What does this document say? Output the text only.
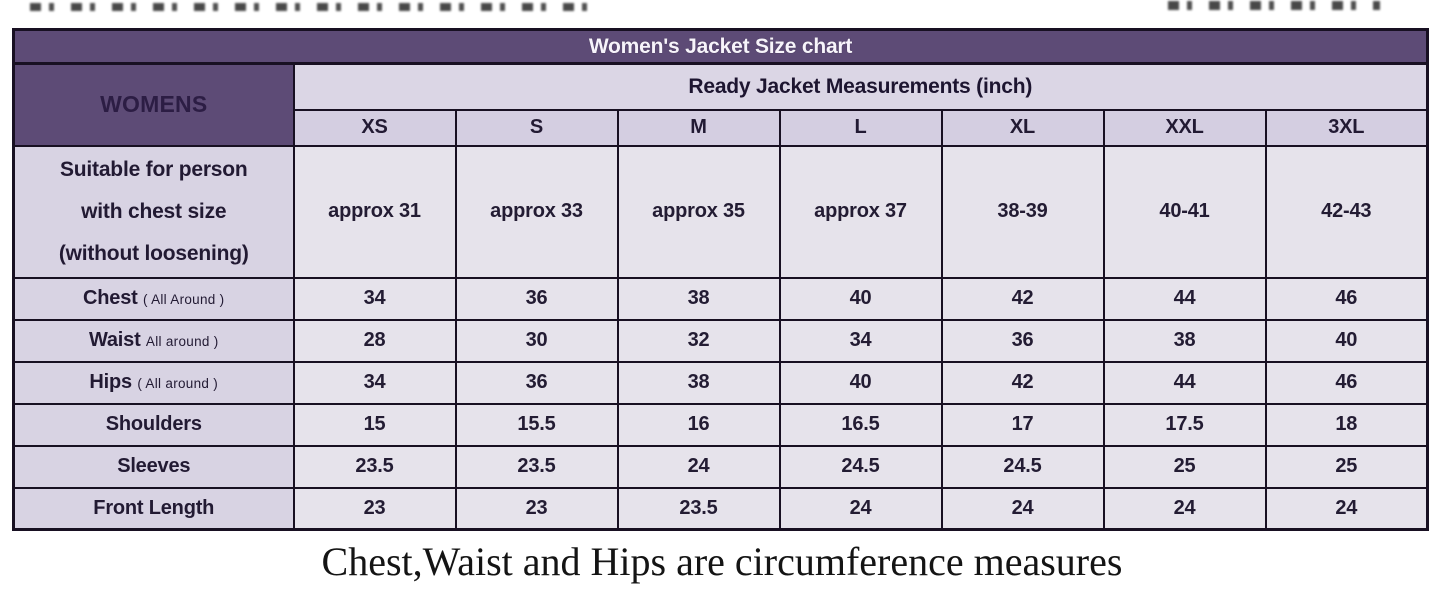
Women's Jacket Size chart							
WOMENS	Ready Jacket Measurements (inch)						
	XS	S	M	L	XL	XXL	3XL

Suitable for person
with chest size
(without loosening)	approx 31	approx 33	approx 35	approx 37	38-39	40-41	42-43
Chest ( All Around )	34	36	38	40	42	44	46
Waist All around )	28	30	32	34	36	38	40
Hips ( All around )	34	36	38	40	42	44	46
Shoulders	15	15.5	16	16.5	17	17.5	18
Sleeves	23.5	23.5	24	24.5	24.5	25	25
Front Length	23	23	23.5	24	24	24	24
Chest,Waist and Hips are circumference measures
